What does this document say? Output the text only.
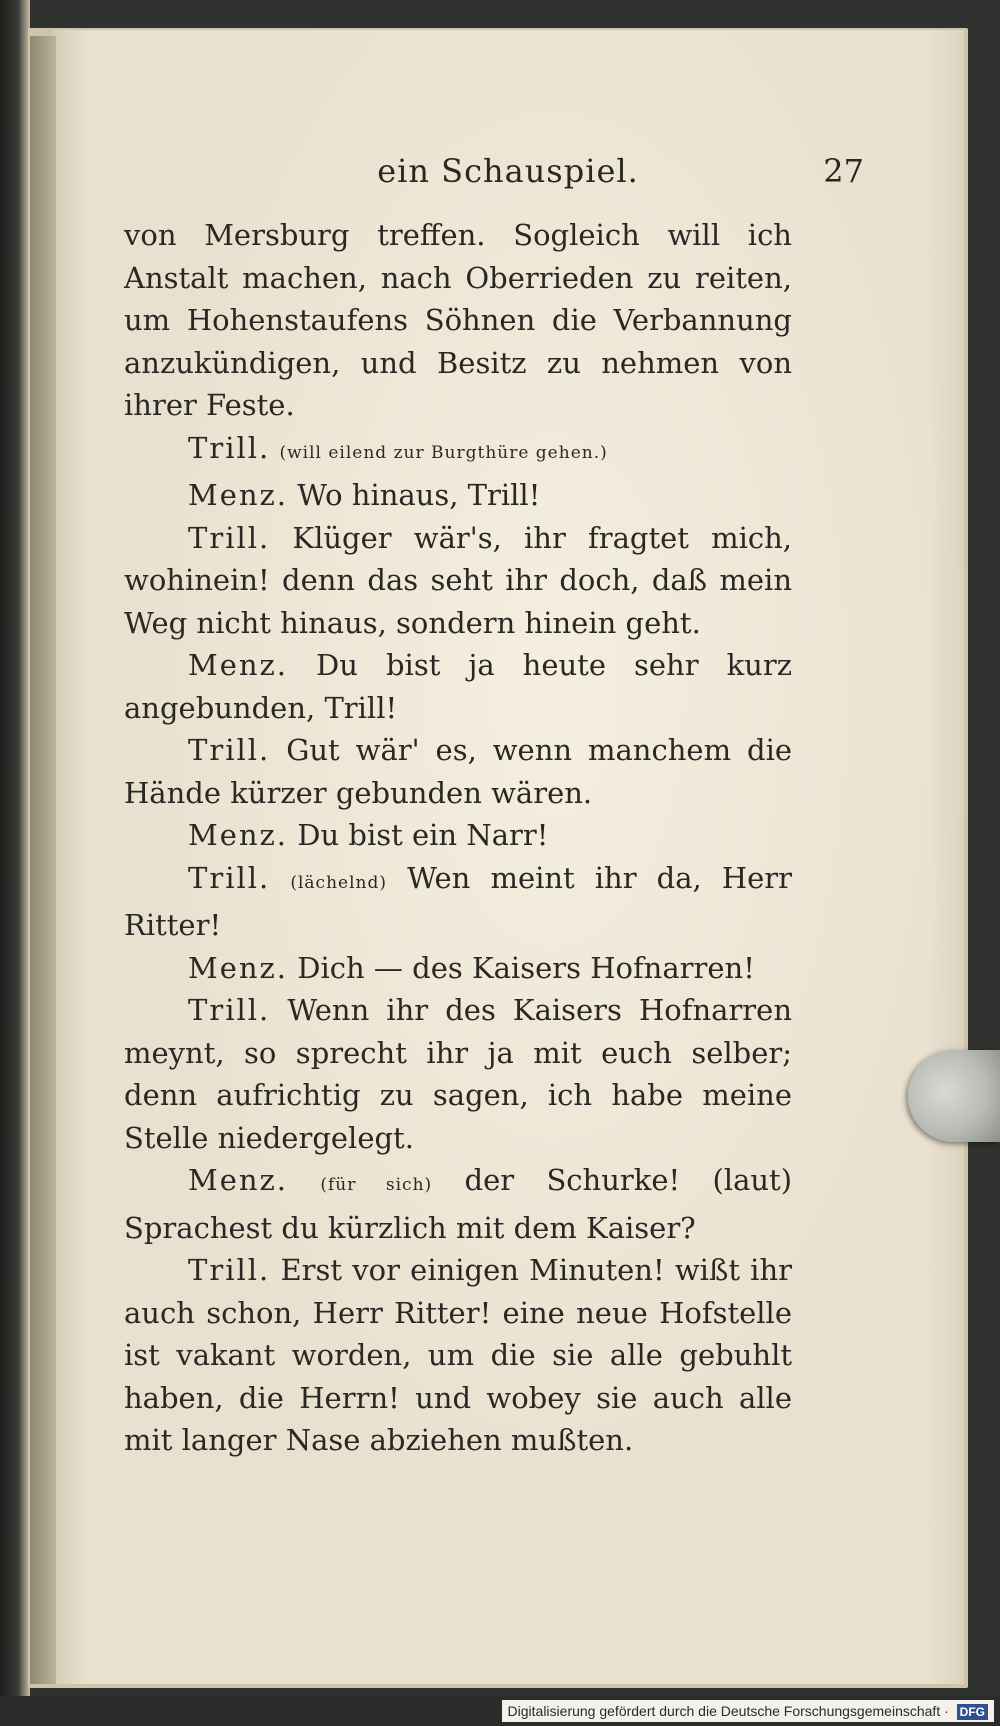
ein Schauspiel.	27

von Mersburg treffen. Sogleich will ich Anstalt machen, nach Oberrieden zu reiten, um Hohenstaufens Söhnen die Verbannung anzukündigen, und Besitz zu nehmen von ihrer Feste.

Trill. (will eilend zur Burgthüre gehen.)

Menz. Wo hinaus, Trill!

Trill. Klüger wär's, ihr fragtet mich, wohinein! denn das seht ihr doch, daß mein Weg nicht hinaus, sondern hinein geht.

Menz. Du bist ja heute sehr kurz angebunden, Trill!

Trill. Gut wär' es, wenn manchem die Hände kürzer gebunden wären.

Menz. Du bist ein Narr!

Trill. (lächelnd) Wen meint ihr da, Herr Ritter!

Menz. Dich — des Kaisers Hofnarren!

Trill. Wenn ihr des Kaisers Hofnarren meynt, so sprecht ihr ja mit euch selber; denn aufrichtig zu sagen, ich habe meine Stelle niedergelegt.

Menz. (für sich) der Schurke! (laut) Sprachest du kürzlich mit dem Kaiser?

Trill. Erst vor einigen Minuten! wißt ihr auch schon, Herr Ritter! eine neue Hofstelle ist vakant worden, um die sie alle gebuhlt haben, die Herrn! und wobey sie auch alle mit langer Nase abziehen mußten.

Digitalisierung gefördert durch die Deutsche Forschungsgemeinschaft · DFG
